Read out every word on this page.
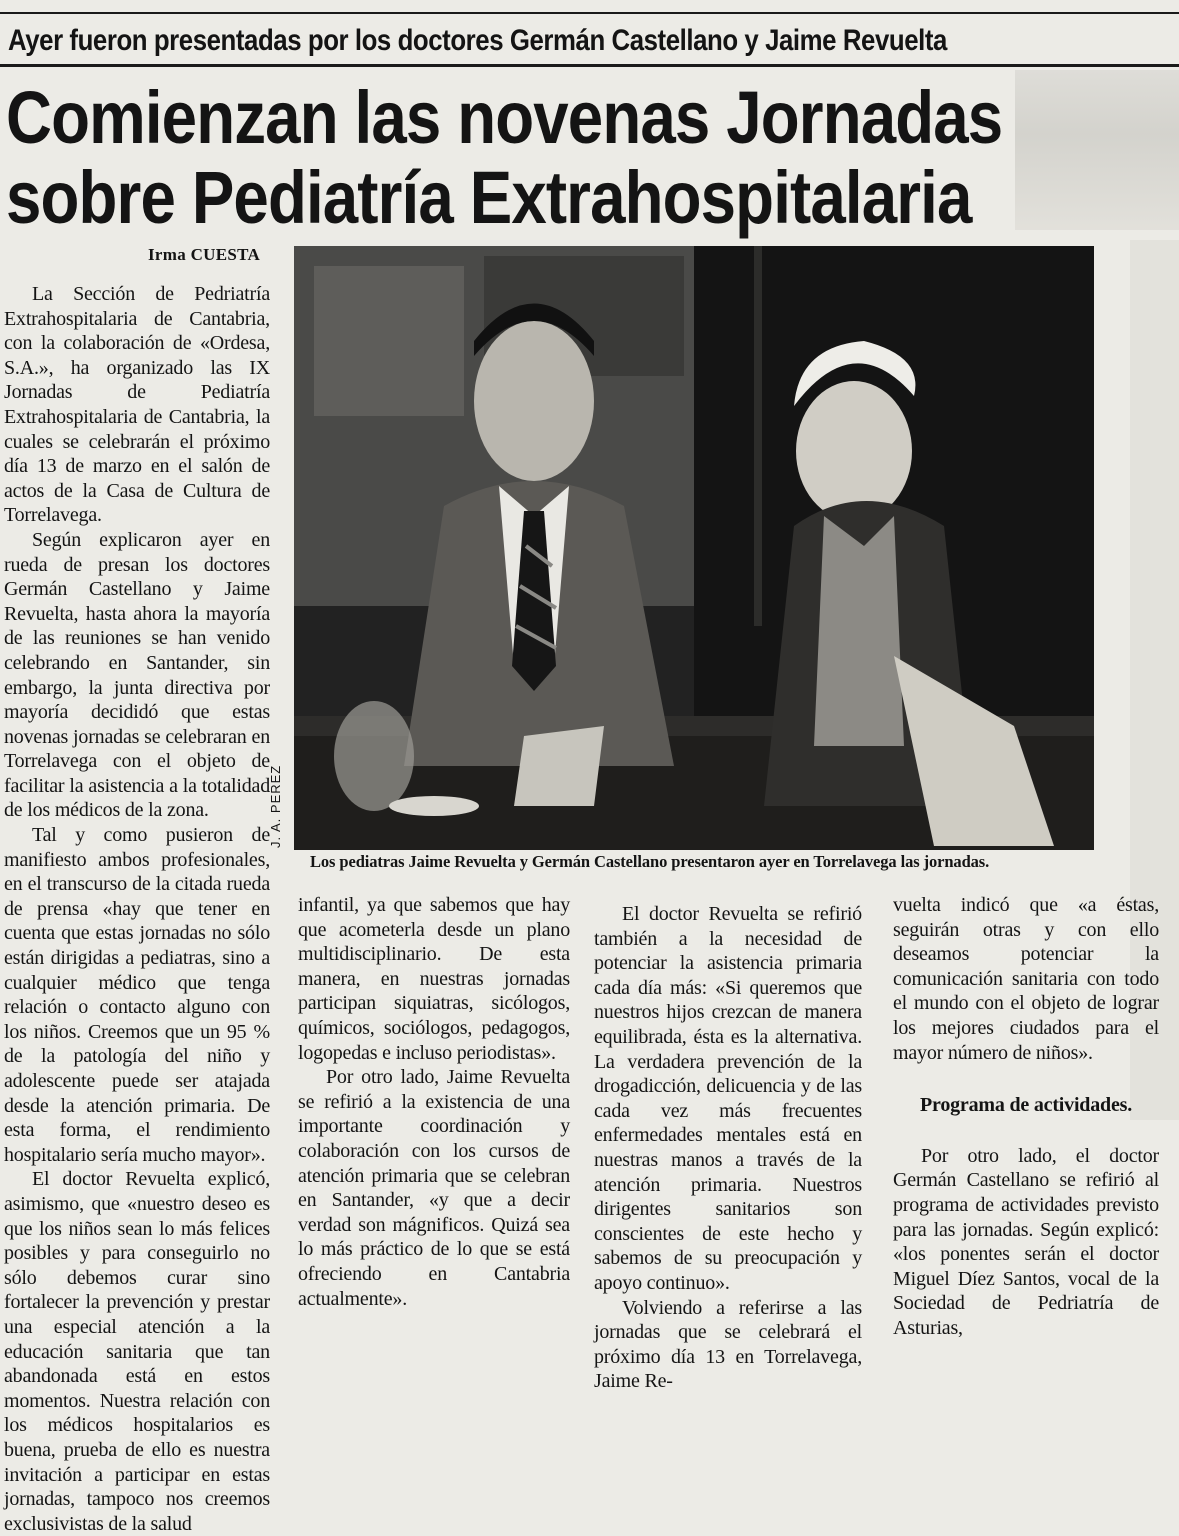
Ayer fueron presentadas por los doctores Germán Castellano y Jaime Revuelta
Comienzan las novenas Jornadas
sobre Pediatría Extrahospitalaria
Irma CUESTA

La Sección de Pedriatría Extrahospitalaria de Cantabria, con la colaboración de «Ordesa, S.A.», ha organizado las IX Jornadas de Pediatría Extrahospitalaria de Cantabria, la cuales se celebrarán el próximo día 13 de marzo en el salón de actos de la Casa de Cultura de Torrelavega.

Según explicaron ayer en rueda de presan los doctores Germán Castellano y Jaime Revuelta, hasta ahora la mayoría de las reuniones se han venido celebrando en Santander, sin embargo, la junta directiva por mayoría decididó que estas novenas jornadas se celebraran en Torrelavega con el objeto de facilitar la asistencia a la totalidad de los médicos de la zona.

Tal y como pusieron de manifiesto ambos profesionales, en el transcurso de la citada rueda de prensa «hay que tener en cuenta que estas jornadas no sólo están dirigidas a pediatras, sino a cualquier médico que tenga relación o contacto alguno con los niños. Creemos que un 95 % de la patología del niño y adolescente puede ser atajada desde la atención primaria. De esta forma, el rendimiento hospitalario sería mucho mayor».

El doctor Revuelta explicó, asimismo, que «nuestro deseo es que los niños sean lo más felices posibles y para conseguirlo no sólo debemos curar sino fortalecer la prevención y prestar una especial atención a la educación sanitaria que tan abandonada está en estos momentos. Nuestra relación con los médicos hospitalarios es buena, prueba de ello es nuestra invitación a participar en estas jornadas, tampoco nos creemos exclusivistas de la salud

J. A. PEREZ
Los pediatras Jaime Revuelta y Germán Castellano presentaron ayer en Torrelavega las jornadas.

infantil, ya que sabemos que hay que acometerla desde un plano multidisciplinario. De esta manera, en nuestras jornadas participan siquiatras, sicólogos, químicos, sociólogos, pedagogos, logopedas e incluso periodistas».

Por otro lado, Jaime Revuelta se refirió a la existencia de una importante coordinación y colaboración con los cursos de atención primaria que se celebran en Santander, «y que a decir verdad son mágnificos. Quizá sea lo más práctico de lo que se está ofreciendo en Cantabria actualmente».

El doctor Revuelta se refirió también a la necesidad de potenciar la asistencia primaria cada día más: «Si queremos que nuestros hijos crezcan de manera equilibrada, ésta es la alternativa. La verdadera prevención de la drogadicción, delicuencia y de las cada vez más frecuentes enfermedades mentales está en nuestras manos a través de la atención primaria. Nuestros dirigentes sanitarios son conscientes de este hecho y sabemos de su preocupación y apoyo continuo».

Volviendo a referirse a las jornadas que se celebrará el próximo día 13 en Torrelavega, Jaime Re-

vuelta indicó que «a éstas, seguirán otras y con ello deseamos potenciar la comunicación sanitaria con todo el mundo con el objeto de lograr los mejores ciudados para el mayor número de niños».

Programa de actividades.

Por otro lado, el doctor Germán Castellano se refirió al programa de actividades previsto para las jornadas. Según explicó: «los ponentes serán el doctor Miguel Díez Santos, vocal de la Sociedad de Pedriatría de Asturias,
